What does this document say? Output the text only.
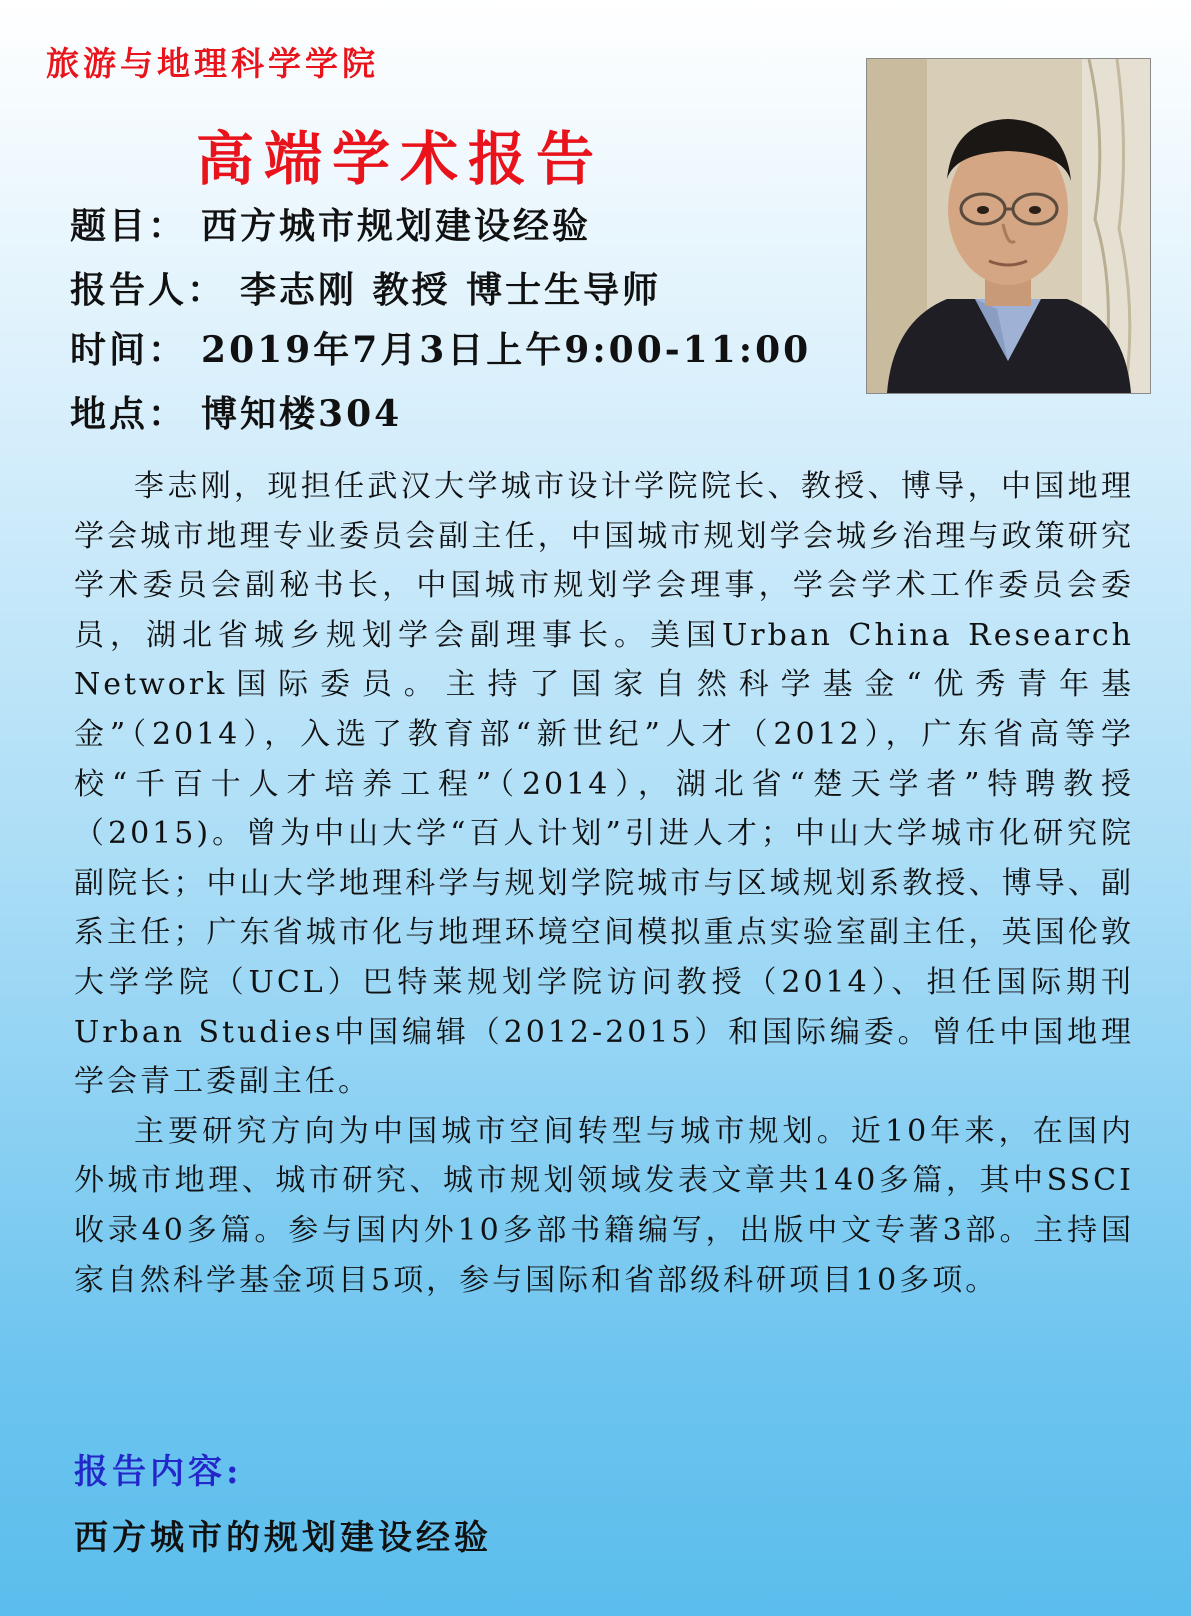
旅游与地理科学学院
高端学术报告
题目： 西方城市规划建设经验
报告人： 李志刚 教授 博士生导师
时间： 2019年7月3日上午9:00-11:00
地点： 博知楼304

李志刚，现担任武汉大学城市设计学院院长、教授、博导，中国地理学会城市地理专业委员会副主任，中国城市规划学会城乡治理与政策研究学术委员会副秘书长，中国城市规划学会理事，学会学术工作委员会委员，湖北省城乡规划学会副理事长。美国Urban China Research Network国际委员。主持了国家自然科学基金“优秀青年基金”（2014），入选了教育部“新世纪”人才（2012），广东省高等学校“千百十人才培养工程”（2014），湖北省“楚天学者”特聘教授（2015)。曾为中山大学“百人计划”引进人才；中山大学城市化研究院副院长；中山大学地理科学与规划学院城市与区域规划系教授、博导、副系主任；广东省城市化与地理环境空间模拟重点实验室副主任，英国伦敦大学学院（UCL）巴特莱规划学院访问教授（2014）、担任国际期刊Urban Studies中国编辑（2012-2015）和国际编委。曾任中国地理学会青工委副主任。

主要研究方向为中国城市空间转型与城市规划。近10年来，在国内外城市地理、城市研究、城市规划领域发表文章共140多篇，其中SSCI收录40多篇。参与国内外10多部书籍编写，出版中文专著3部。主持国家自然科学基金项目5项，参与国际和省部级科研项目10多项。

报告内容:
西方城市的规划建设经验
